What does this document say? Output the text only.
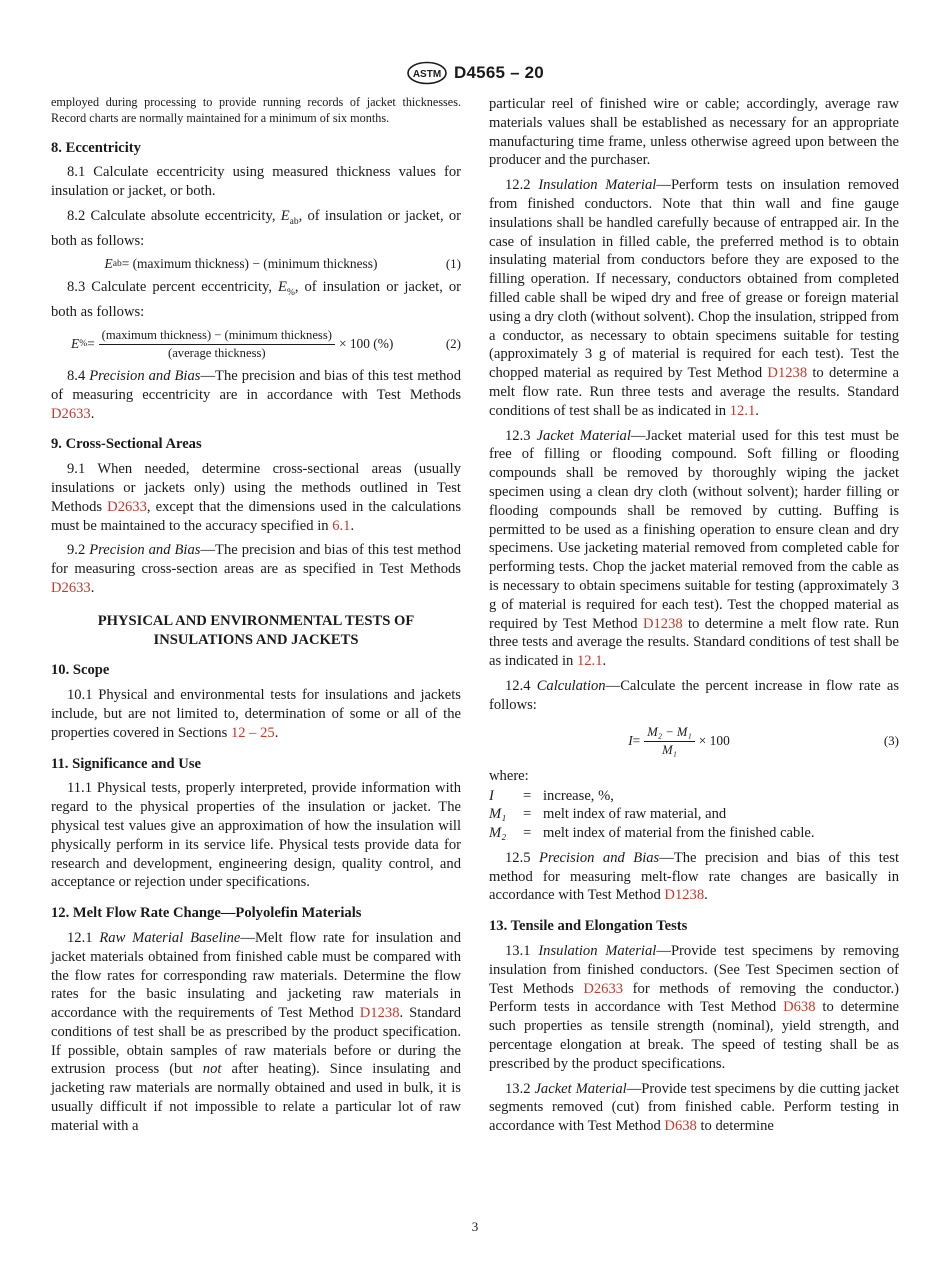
ASTM D4565 – 20

employed during processing to provide running records of jacket thicknesses. Record charts are normally maintained for a minimum of six months.

8. Eccentricity

8.1 Calculate eccentricity using measured thickness values for insulation or jacket, or both.

8.2 Calculate absolute eccentricity, $E_{ab}$, of insulation or jacket, or both as follows:

E ab = (maximum thickness) − (minimum thickness)	(1)

8.3 Calculate percent eccentricity, $E_{\%}$, of insulation or jacket, or both as follows:

E % = $\frac{\text{(maximum thickness) − (minimum thickness)}}{\text{(average thickness)}} \times 100$ (%)	(2)

8.4 Precision and Bias—The precision and bias of this test method of measuring eccentricity are in accordance with Test Methods D2633.

9. Cross-Sectional Areas

9.1 When needed, determine cross-sectional areas (usually insulations or jackets only) using the methods outlined in Test Methods D2633, except that the dimensions used in the calculations must be maintained to the accuracy specified in 6.1.

9.2 Precision and Bias—The precision and bias of this test method for measuring cross-section areas are as specified in Test Methods D2633.

PHYSICAL AND ENVIRONMENTAL TESTS OF
INSULATIONS AND JACKETS
10. Scope

10.1 Physical and environmental tests for insulations and jackets include, but are not limited to, determination of some or all of the properties covered in Sections 12 – 25.

11. Significance and Use

11.1 Physical tests, properly interpreted, provide information with regard to the physical properties of the insulation or jacket. The physical test values give an approximation of how the insulation will physically perform in its service life. Physical tests provide data for research and development, engineering design, quality control, and acceptance or rejection under specifications.

12. Melt Flow Rate Change—Polyolefin Materials

12.1 Raw Material Baseline—Melt flow rate for insulation and jacket materials obtained from finished cable must be compared with the flow rates for corresponding raw materials. Determine the flow rates for the basic insulating and jacketing raw materials in accordance with the requirements of Test Method D1238. Standard conditions of test shall be as prescribed by the product specification. If possible, obtain samples of raw materials before or during the extrusion process (but not after heating). Since insulating and jacketing raw materials are normally obtained and used in bulk, it is usually difficult if not impossible to relate a particular lot of raw material with a

particular reel of finished wire or cable; accordingly, average raw materials values shall be established as necessary for an appropriate manufacturing time frame, unless otherwise agreed upon between the producer and the purchaser.

12.2 Insulation Material—Perform tests on insulation removed from finished conductors. Note that thin wall and fine gauge insulations shall be handled carefully because of entrapped air. In the case of insulation in filled cable, the preferred method is to obtain insulating material from conductors before they are exposed to the filling operation. If necessary, conductors obtained from completed filled cable shall be wiped dry and free of grease or foreign material using a dry cloth (without solvent). Chop the insulation, stripped from a conductor, as necessary to obtain specimens suitable for testing (approximately 3 g of material is required for each test). Test the chopped material as required by Test Method D1238 to determine a melt flow rate. Run three tests and average the results. Standard conditions of test shall be as indicated in 12.1.

12.3 Jacket Material—Jacket material used for this test must be free of filling or flooding compound. Soft filling or flooding compounds shall be removed by thoroughly wiping the jacket specimen using a clean dry cloth (without solvent); harder filling or flooding compounds shall be removed by cutting. Buffing is permitted to be used as a finishing operation to ensure clean and dry specimens. Use jacketing material removed from completed cable for performing tests. Chop the jacket material removed from the cable as is necessary to obtain specimens suitable for testing (approximately 3 g of material is required for each test). Test the chopped material as required by Test Method D1238 to determine a melt flow rate. Run three tests and average the results. Standard conditions of test shall be as indicated in 12.1.

12.4 Calculation—Calculate the percent increase in flow rate as follows:

$I = \frac{\text{M₂ − M₁}}{\text{M₁}} \times 100$	(3)
where:
I	= increase, %,
M₁	= melt index of raw material, and
M₂	= melt index of material from the finished cable.

12.5 Precision and Bias—The precision and bias of this test method for measuring melt-flow rate changes are basically in accordance with Test Method D1238.

13. Tensile and Elongation Tests

13.1 Insulation Material—Provide test specimens by removing insulation from finished conductors. (See Test Specimen section of Test Methods D2633 for methods of removing the conductor.) Perform tests in accordance with Test Method D638 to determine such properties as tensile strength (nominal), yield strength, and percentage elongation at break. The speed of testing shall be as prescribed by the product specifications.

13.2 Jacket Material—Provide test specimens by die cutting jacket segments removed (cut) from finished cable. Perform testing in accordance with Test Method D638 to determine

3
